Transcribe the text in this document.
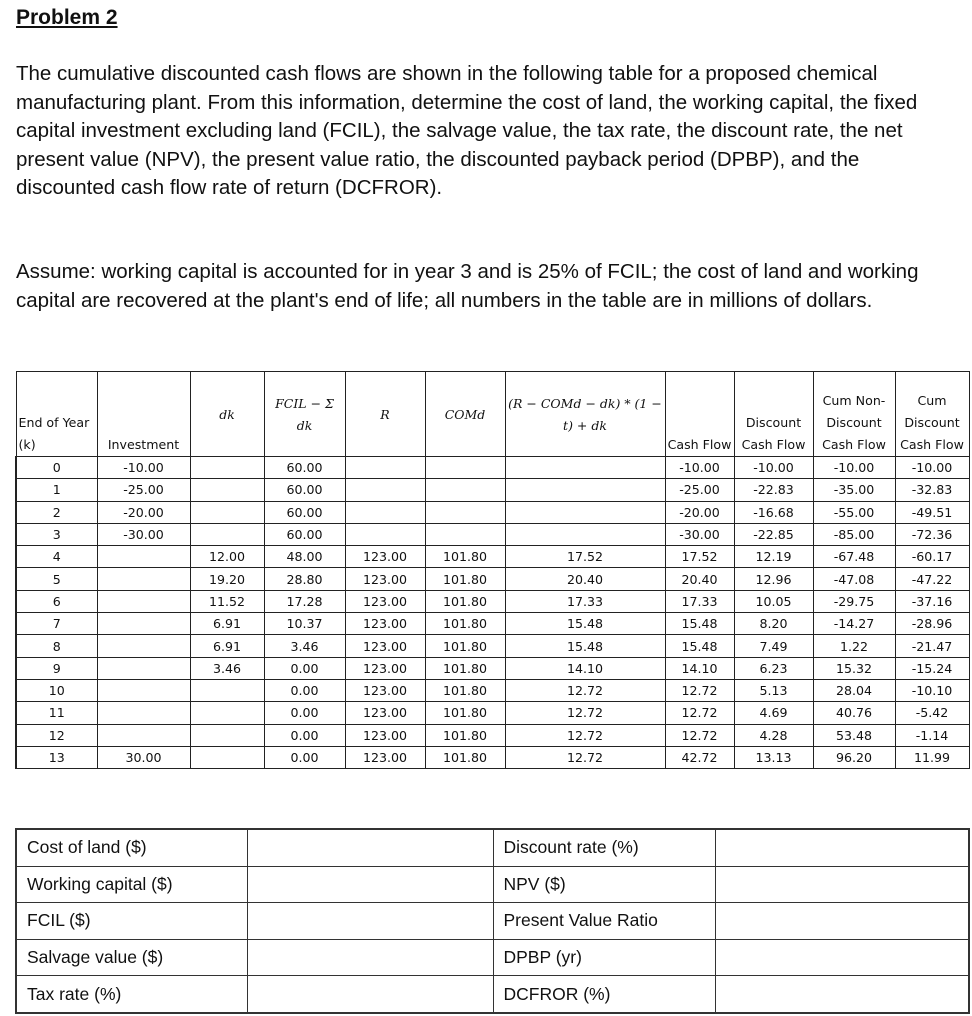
Problem 2

The cumulative discounted cash flows are shown in the following table for a proposed chemical manufacturing plant. From this information, determine the cost of land, the working capital, the fixed capital investment excluding land (FCIL), the salvage value, the tax rate, the discount rate, the net present value (NPV), the present value ratio, the discounted payback period (DPBP), and the discounted cash flow rate of return (DCFROR).

Assume: working capital is accounted for in year 3 and is 25% of FCIL; the cost of land and working capital are recovered at the plant's end of life; all numbers in the table are in millions of dollars.

End of Year (k)	Investment	dk	FCIL − Σ dk	R	COMd	(R − COMd − dk) * (1 − t) + dk	Cash Flow	Discount Cash Flow	Cum Non-Discount Cash Flow	Cum Discount Cash Flow
0	-10.00		60.00				-10.00	-10.00	-10.00	-10.00
1	-25.00		60.00				-25.00	-22.83	-35.00	-32.83
2	-20.00		60.00				-20.00	-16.68	-55.00	-49.51
3	-30.00		60.00				-30.00	-22.85	-85.00	-72.36
4		12.00	48.00	123.00	101.80	17.52	17.52	12.19	-67.48	-60.17
5		19.20	28.80	123.00	101.80	20.40	20.40	12.96	-47.08	-47.22
6		11.52	17.28	123.00	101.80	17.33	17.33	10.05	-29.75	-37.16
7		6.91	10.37	123.00	101.80	15.48	15.48	8.20	-14.27	-28.96
8		6.91	3.46	123.00	101.80	15.48	15.48	7.49	1.22	-21.47
9		3.46	0.00	123.00	101.80	14.10	14.10	6.23	15.32	-15.24
10			0.00	123.00	101.80	12.72	12.72	5.13	28.04	-10.10
11			0.00	123.00	101.80	12.72	12.72	4.69	40.76	-5.42
12			0.00	123.00	101.80	12.72	12.72	4.28	53.48	-1.14
13	30.00		0.00	123.00	101.80	12.72	42.72	13.13	96.20	11.99
Cost of land ($)		Discount rate (%)	
Working capital ($)		NPV ($)	
FCIL ($)		Present Value Ratio	
Salvage value ($)		DPBP (yr)	
Tax rate (%)		DCFROR (%)	
